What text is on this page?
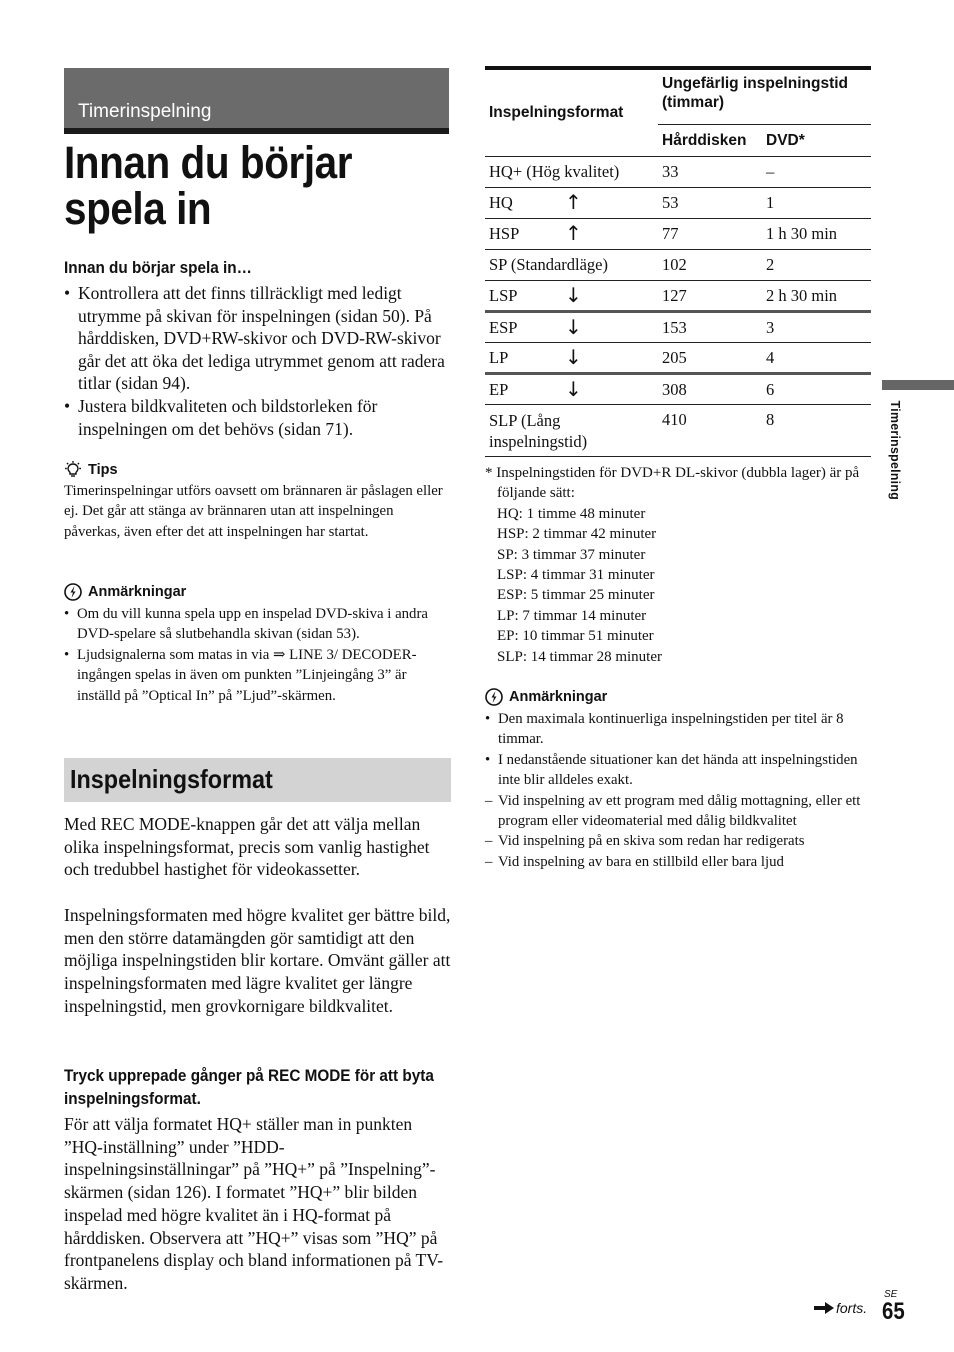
Timerinspelning
Innan du börjar spela in

Innan du börjar spela in…

• Kontrollera att det finns tillräckligt med ledigt utrymme på skivan för inspelningen (sidan 50). På hårddisken, DVD+RW-skivor och DVD-RW-skivor går det att öka det lediga utrymmet genom att radera titlar (sidan 94).
• Justera bildkvaliteten och bildstorleken för inspelningen om det behövs (sidan 71).
Tips

Timerinspelningar utförs oavsett om brännaren är påslagen eller ej. Det går att stänga av brännaren utan att inspelningen påverkas, även efter det att inspelningen har startat.

Anmärkningar
• Om du vill kunna spela upp en inspelad DVD-skiva i andra DVD-spelare så slutbehandla skivan (sidan 53).
• Ljudsignalerna som matas in via ⇒ LINE 3/ DECODER-ingången spelas in även om punkten ”Linjeingång 3” är inställd på ”Optical In” på ”Ljud”-skärmen.
Inspelningsformat

Med REC MODE-knappen går det att välja mellan olika inspelningsformat, precis som vanlig hastighet och tredubbel hastighet för videokassetter.

Inspelningsformaten med högre kvalitet ger bättre bild, men den större datamängden gör samtidigt att den möjliga inspelningstiden blir kortare. Omvänt gäller att inspelningsformaten med lägre kvalitet ger längre inspelningstid, men grovkornigare bildkvalitet.

Tryck upprepade gånger på REC MODE för att byta inspelningsformat.

För att välja formatet HQ+ ställer man in punkten ”HQ-inställning” under ”HDD-inspelningsinställningar” på ”HQ+” på ”Inspelning”-skärmen (sidan 126). I formatet ”HQ+” blir bilden inspelad med högre kvalitet än i HQ-format på hårddisken. Observera att ”HQ+” visas som ”HQ” på frontpanelens display och bland informationen på TV-skärmen.

Inspelningsformat	Ungefärlig inspelningstid (timmar)	
	Hårddisken	DVD*
HQ+ (Hög kvalitet)	33	–
HQ ↑	53	1
HSP ↑	77	1 h 30 min
SP (Standardläge)	102	2
LSP ↓	127	2 h 30 min
ESP ↓	153	3
LP ↓	205	4
EP ↓	308	6
SLP (Lång inspelningstid)	410	8
* Inspelningstiden för DVD+R DL-skivor (dubbla lager) är på följande sätt:
HQ: 1 timme 48 minuter
HSP: 2 timmar 42 minuter
SP: 3 timmar 37 minuter
LSP: 4 timmar 31 minuter
ESP: 5 timmar 25 minuter
LP: 7 timmar 14 minuter
EP: 10 timmar 51 minuter
SLP: 14 timmar 28 minuter
Anmärkningar
• Den maximala kontinuerliga inspelningstiden per titel är 8 timmar.
• I nedanstående situationer kan det hända att inspelningstiden inte blir alldeles exakt.
– Vid inspelning av ett program med dålig mottagning, eller ett program eller videomaterial med dålig bildkvalitet
– Vid inspelning på en skiva som redan har redigerats
– Vid inspelning av bara en stillbild eller bara ljud
Timerinspelning
forts.
SE
65
